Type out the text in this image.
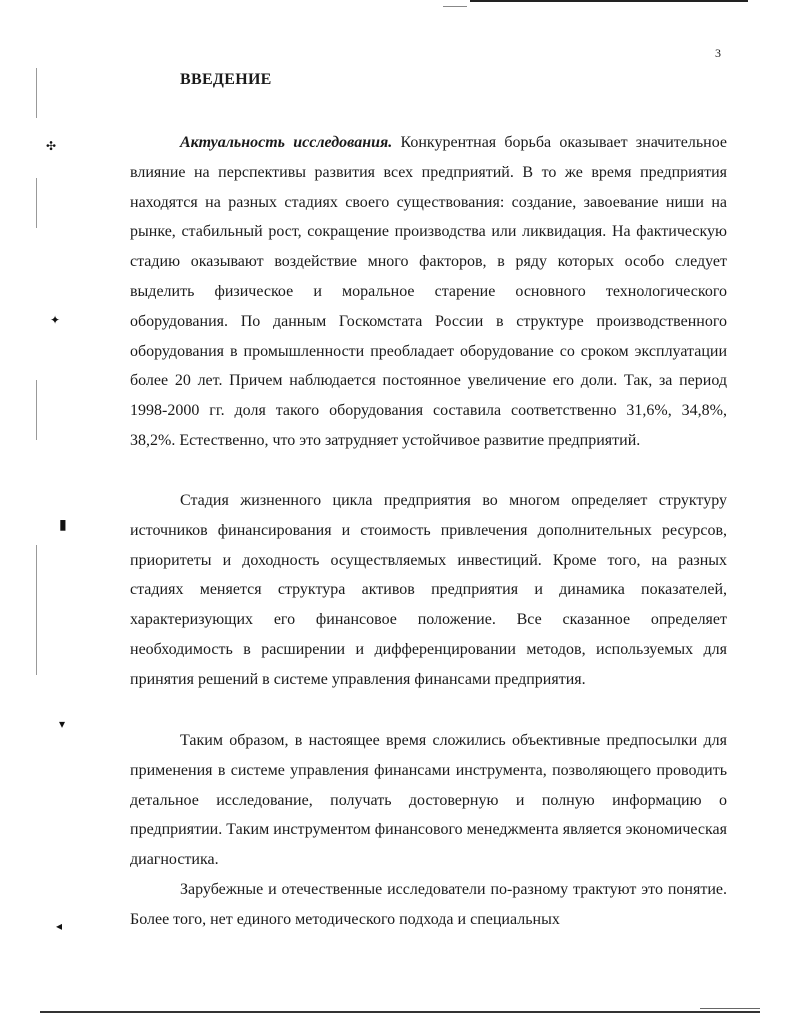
✣
✦
▮
▾
◂
3
ВВЕДЕНИЕ

Актуальность исследования. Конкурентная борьба оказывает значительное влияние на перспективы развития всех предприятий. В то же время предприятия находятся на разных стадиях своего существования: создание, завоевание ниши на рынке, стабильный рост, сокращение производства или ликвидация. На фактическую стадию оказывают воздействие много факторов, в ряду которых особо следует выделить физическое и моральное старение основного технологического оборудования. По данным Госкомстата России в структуре производственного оборудования в промышленности преобладает оборудование со сроком эксплуатации более 20 лет. Причем наблюдается постоянное увеличение его доли. Так, за период 1998-2000 гг. доля такого оборудования составила соответственно 31,6%, 34,8%, 38,2%. Естественно, что это затрудняет устойчивое развитие предприятий.

Стадия жизненного цикла предприятия во многом определяет структуру источников финансирования и стоимость привлечения дополнительных ресурсов, приоритеты и доходность осуществляемых инвестиций. Кроме того, на разных стадиях меняется структура активов предприятия и динамика показателей, характеризующих его финансовое положение. Все сказанное определяет необходимость в расширении и дифференцировании методов, используемых для принятия решений в системе управления финансами предприятия.

Таким образом, в настоящее время сложились объективные предпосылки для применения в системе управления финансами инструмента, позволяющего проводить детальное исследование, получать достоверную и полную информацию о предприятии. Таким инструментом финансового менеджмента является экономическая диагностика.

Зарубежные и отечественные исследователи по-разному трактуют это понятие. Более того, нет единого методического подхода и специальных
